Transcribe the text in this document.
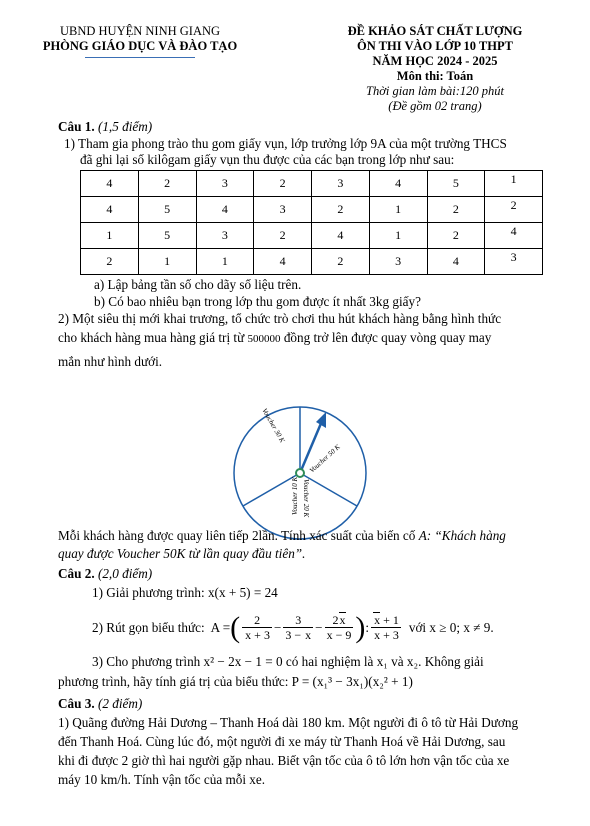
UBND HUYỆN NINH GIANG
PHÒNG GIÁO DỤC VÀ ĐÀO TẠO
ĐỀ KHẢO SÁT CHẤT LƯỢNG
ÔN THI VÀO LỚP 10 THPT
NĂM HỌC 2024 - 2025
Môn thi: Toán
Thời gian làm bài:120 phút
(Đề gồm 02 trang)
Câu 1. (1,5 điểm)
1) Tham gia phong trào thu gom giấy vụn, lớp trưởng lớp 9A của một trường THCS
đã ghi lại số kilôgam giấy vụn thu được của các bạn trong lớp như sau:
4	2	3	2	3	4	5	1
4	5	4	3	2	1	2	2
1	5	3	2	4	1	2	4
2	1	1	4	2	3	4	3
a) Lập bảng tần số cho dãy số liệu trên.
b) Có bao nhiêu bạn trong lớp thu gom được ít nhất 3kg giấy?
2) Một siêu thị mới khai trương, tổ chức trò chơi thu hút khách hàng bằng hình thức
cho khách hàng mua hàng giá trị từ 500000 đồng trở lên được quay vòng quay may
mắn như hình dưới.
Voucher 50 K
Voucher 20 K
Voucher 30 K
Voucher 10 K
Mỗi khách hàng được quay liên tiếp 2lần. Tính xác suất của biến cố A: “Khách hàng
quay được Voucher 50K từ lần quay đầu tiên”.
Câu 2. (2,0 điểm)
1) Giải phương trình: x(x + 5) = 24
2) Rút gọn biểu thức: A = ( $\frac{2}{x + 3} - \frac{3}{3 - x} - \frac{2x}{x - 9}$ ) : $\frac{x + 1}{x + 3}$ với x ≥ 0; x ≠ 9.
3) Cho phương trình x² − 2x − 1 = 0 có hai nghiệm là x₁ và x₂. Không giải
phương trình, hãy tính giá trị của biểu thức: P = (x₁³ − 3x₁)(x₂² + 1)
Câu 3. (2 điểm)
1) Quãng đường Hải Dương – Thanh Hoá dài 180 km. Một người đi ô tô từ Hải Dương
đến Thanh Hoá. Cùng lúc đó, một người đi xe máy từ Thanh Hoá về Hải Dương, sau
khi đi được 2 giờ thì hai người gặp nhau. Biết vận tốc của ô tô lớn hơn vận tốc của xe
máy 10 km/h. Tính vận tốc của mỗi xe.
